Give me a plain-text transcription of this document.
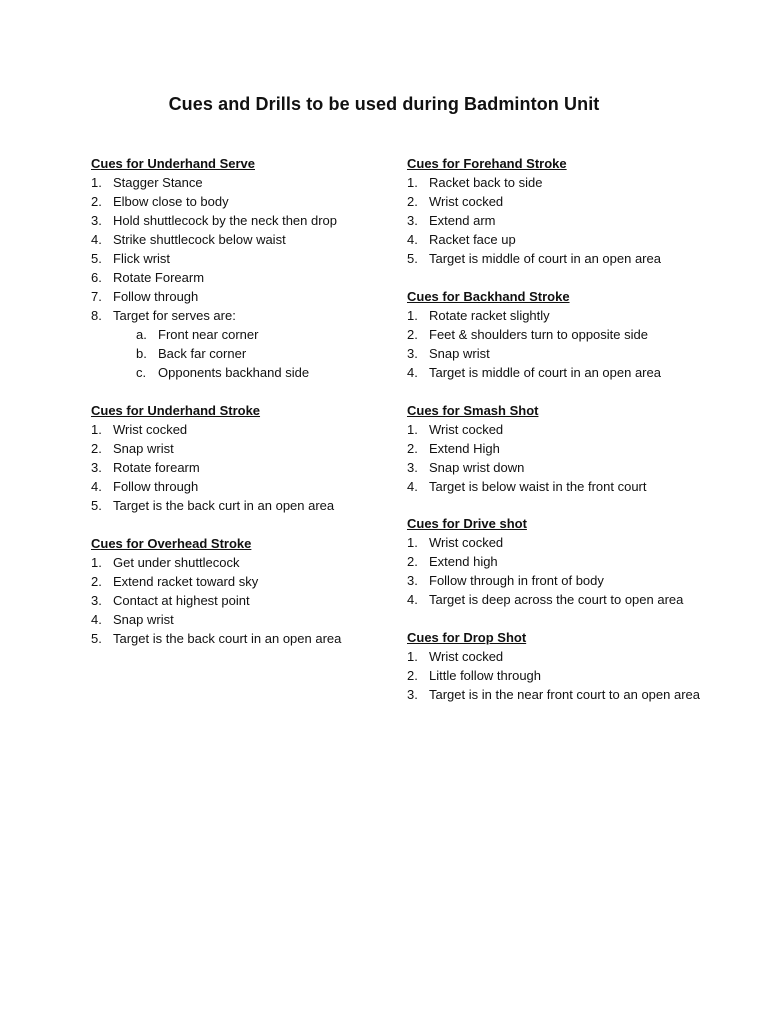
Cues and Drills to be used during Badminton Unit
Cues for Underhand Serve
1. Stagger Stance
2. Elbow close to body
3. Hold shuttlecock by the neck then drop
4. Strike shuttlecock below waist
5. Flick wrist
6. Rotate Forearm
7. Follow through
8. Target for serves are:
a. Front near corner
b. Back far corner
c. Opponents backhand side
Cues for Underhand Stroke
1. Wrist cocked
2. Snap wrist
3. Rotate forearm
4. Follow through
5. Target is the back curt in an open area
Cues for Overhead Stroke
1. Get under shuttlecock
2. Extend racket toward sky
3. Contact at highest point
4. Snap wrist
5. Target is the back court in an open area
Cues for Forehand Stroke
1. Racket back to side
2. Wrist cocked
3. Extend arm
4. Racket face up
5. Target is middle of court in an open area
Cues for Backhand Stroke
1. Rotate racket slightly
2. Feet & shoulders turn to opposite side
3. Snap wrist
4. Target is middle of court in an open area
Cues for Smash Shot
1. Wrist cocked
2. Extend High
3. Snap wrist down
4. Target is below waist in the front court
Cues for Drive shot
1. Wrist cocked
2. Extend high
3. Follow through in front of body
4. Target is deep across the court to open area
Cues for Drop Shot
1. Wrist cocked
2. Little follow through
3. Target is in the near front court to an open area
